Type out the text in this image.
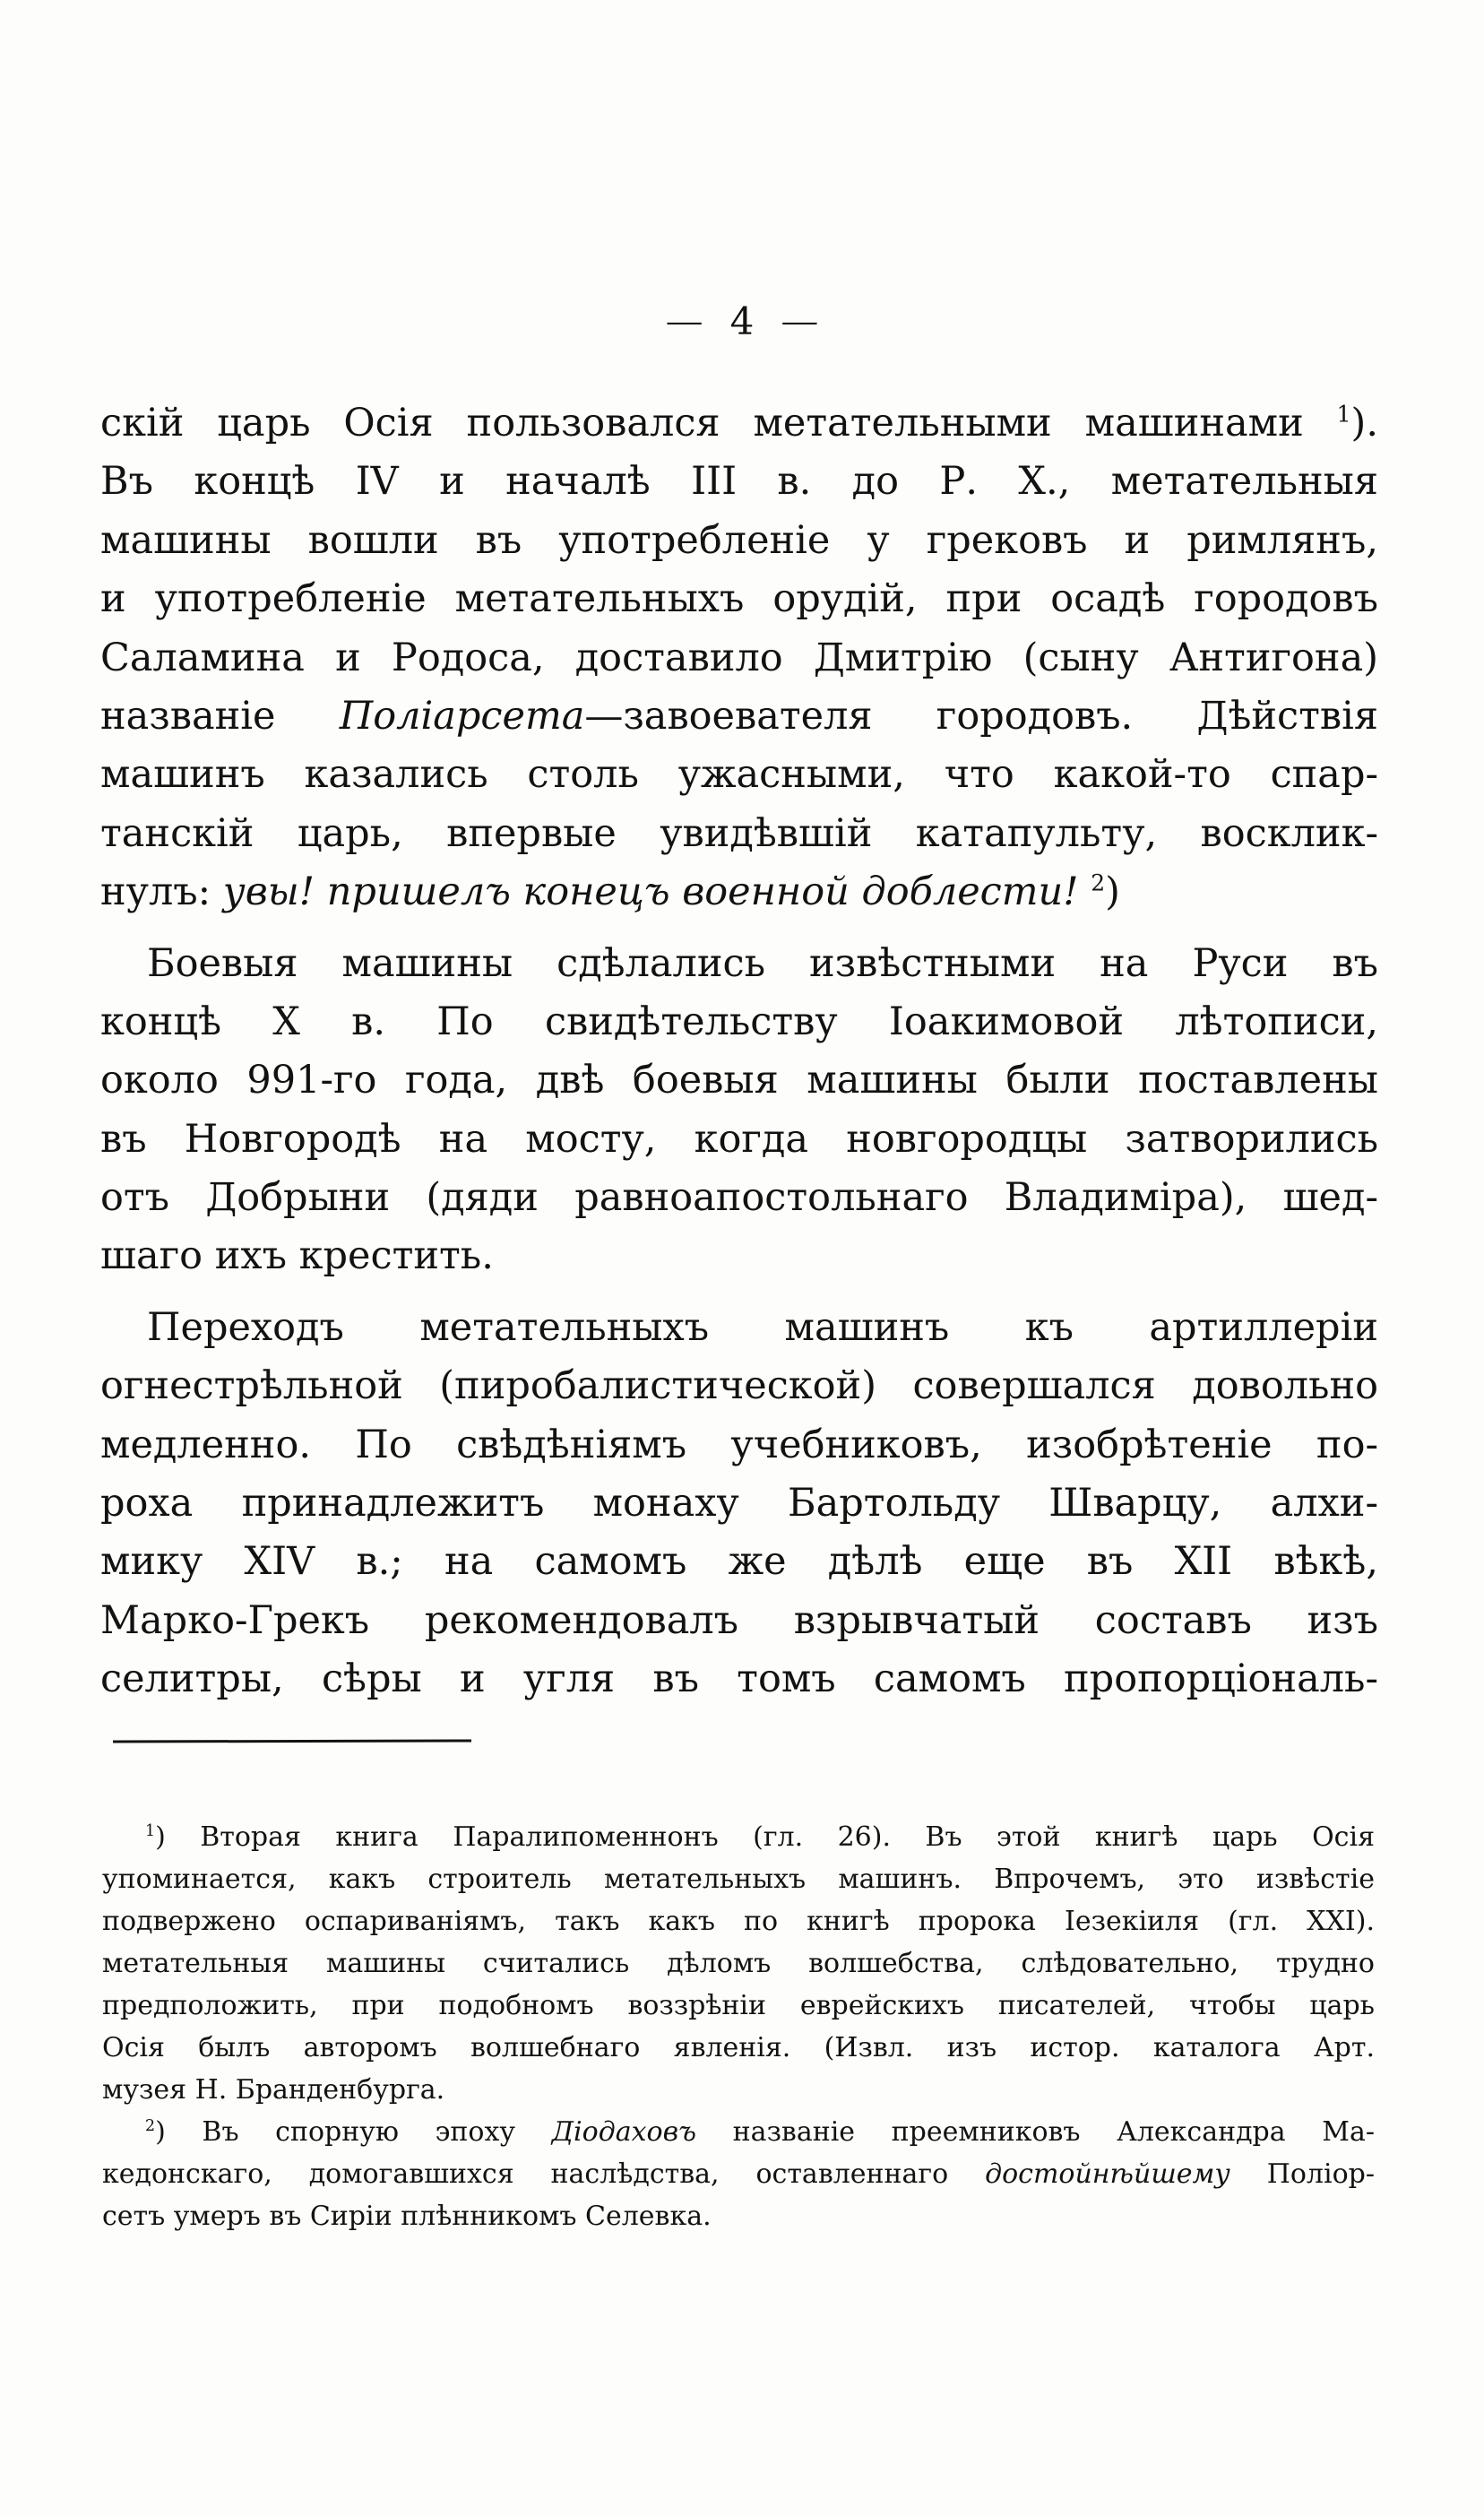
— 4 —
скій царь Осія пользовался метательными машинами $^1$).
Въ концѣ IV и началѣ III в. до Р. Х., метательныя
машины вошли въ употребленіе у грековъ и римлянъ,
и употребленіе метательныхъ орудій, при осадѣ городовъ
Саламина и Родоса, доставило Дмитрію (сыну Антигона)
названіе Поліарсета—завоевателя городовъ. Дѣйствія
машинъ казались столь ужасными, что какой-то спар-
танскій царь, впервые увидѣвшій катапульту, восклик-
нулъ: увы! пришелъ конецъ военной доблести! $^2$)
Боевыя машины сдѣлались извѣстными на Руси въ
концѣ X в. По свидѣтельству Іоакимовой лѣтописи,
около 991-го года, двѣ боевыя машины были поставлены
въ Новгородѣ на мосту, когда новгородцы затворились
отъ Добрыни (дяди равноапостольнаго Владиміра), шед-
шаго ихъ крестить.
Переходъ метательныхъ машинъ къ артиллеріи
огнестрѣльной (пиробалистической) совершался довольно
медленно. По свѣдѣніямъ учебниковъ, изобрѣтеніе по-
роха принадлежитъ монаху Бартольду Шварцу, алхи-
мику XIV в.; на самомъ же дѣлѣ еще въ XII вѣкѣ,
Марко-Грекъ рекомендовалъ взрывчатый составъ изъ
селитры, сѣры и угля въ томъ самомъ пропорціональ-
$^1$) Вторая книга Паралипоменнонъ (гл. 26). Въ этой книгѣ царь Осія
упоминается, какъ строитель метательныхъ машинъ. Впрочемъ, это извѣстіе
подвержено оспариваніямъ, такъ какъ по книгѣ пророка Іезекіиля (гл. XXI).
метательныя машины считались дѣломъ волшебства, слѣдовательно, трудно
предположить, при подобномъ воззрѣніи еврейскихъ писателей, чтобы царь
Осія былъ авторомъ волшебнаго явленія. (Извл. изъ истор. каталога Арт.
музея Н. Бранденбурга.
$^2$) Въ спорную эпоху Діодаховъ названіе преемниковъ Александра Ма-
кедонскаго, домогавшихся наслѣдства, оставленнаго достойнѣйшему Поліор-
сетъ умеръ въ Сиріи плѣнникомъ Селевка.
